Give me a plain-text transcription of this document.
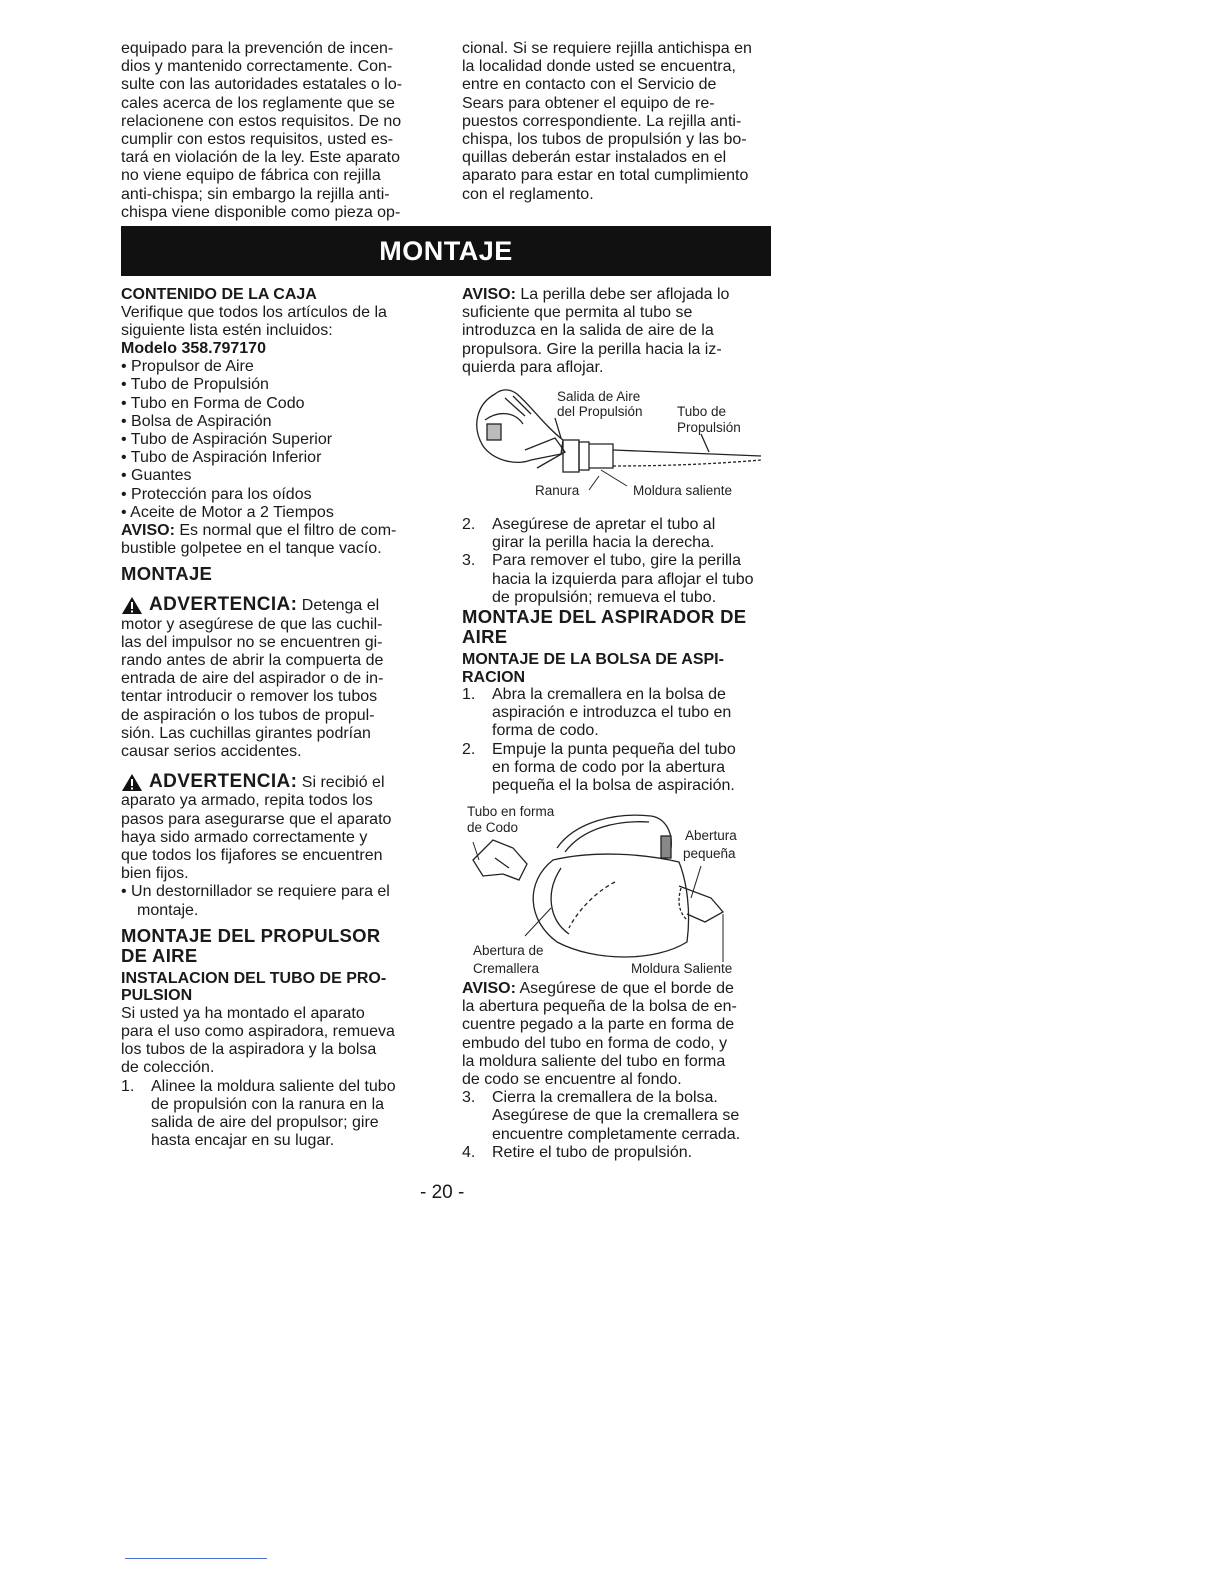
equipado para la prevención de incen-
dios y mantenido correctamente. Con-
sulte con las autoridades estatales o lo-
cales acerca de los reglamente que se
relacionene con estos requisitos. De no
cumplir con estos requisitos, usted es-
tará en violación de la ley. Este aparato
no viene equipo de fábrica con rejilla
anti-chispa; sin embargo la rejilla anti-
chispa viene disponible como pieza op-
cional. Si se requiere rejilla antichispa en
la localidad donde usted se encuentra,
entre en contacto con el Servicio de
Sears para obtener el equipo de re-
puestos correspondiente. La rejilla anti-
chispa, los tubos de propulsión y las bo-
quillas deberán estar instalados en el
aparato para estar en total cumplimiento
con el reglamento.
MONTAJE
CONTENIDO DE LA CAJA
Verifique que todos los artículos de la
siguiente lista estén incluidos:
Modelo 358.797170
• Propulsor de Aire
• Tubo de Propulsión
• Tubo en Forma de Codo
• Bolsa de Aspiración
• Tubo de Aspiración Superior
• Tubo de Aspiración Inferior
• Guantes
• Protección para los oídos
• Aceite de Motor a 2 Tiempos
AVISO: Es normal que el filtro de com-
bustible golpetee en el tanque vacío.
MONTAJE
ADVERTENCIA: Detenga el
motor y asegúrese de que las cuchil-
las del impulsor no se encuentren gi-
rando antes de abrir la compuerta de
entrada de aire del aspirador o de in-
tentar introducir o remover los tubos
de aspiración o los tubos de propul-
sión. Las cuchillas girantes podrían
causar serios accidentes.
ADVERTENCIA: Si recibió el
aparato ya armado, repita todos los
pasos para asegurarse que el aparato
haya sido armado correctamente y
que todos los fijafores se encuentren
bien fijos.
• Un destornillador se requiere para el
montaje.
MONTAJE DEL PROPULSOR
DE AIRE
INSTALACION DEL TUBO DE PRO-
PULSION
Si usted ya ha montado el aparato
para el uso como aspiradora, remueva
los tubos de la aspiradora y la bolsa
de colección.
1. Alinee la moldura saliente del tubo
de propulsión con la ranura en la
salida de aire del propulsor; gire
hasta encajar en su lugar.
AVISO: La perilla debe ser aflojada lo
suficiente que permita al tubo se
introduzca en la salida de aire de la
propulsora. Gire la perilla hacia la iz-
quierda para aflojar.
Salida de Aire
del Propulsión	Tubo de
Propulsión
Ranura	Moldura saliente
2. Asegúrese de apretar el tubo al
girar la perilla hacia la derecha.
3. Para remover el tubo, gire la perilla
hacia la izquierda para aflojar el tubo
de propulsión; remueva el tubo.
MONTAJE DEL ASPIRADOR DE
AIRE
MONTAJE DE LA BOLSA DE ASPI-
RACION
1. Abra la cremallera en la bolsa de
aspiración e introduzca el tubo en
forma de codo.
2. Empuje la punta pequeña del tubo
en forma de codo por la abertura
pequeña el la bolsa de aspiración.
Tubo en forma
de Codo
Abertura
pequeña
Abertura de
Cremallera	Moldura Saliente
AVISO: Asegúrese de que el borde de
la abertura pequeña de la bolsa de en-
cuentre pegado a la parte en forma de
embudo del tubo en forma de codo, y
la moldura saliente del tubo en forma
de codo se encuentre al fondo.
3. Cierra la cremallera de la bolsa.
Asegúrese de que la cremallera se
encuentre completamente cerrada.
4. Retire el tubo de propulsión.
- 20 -
